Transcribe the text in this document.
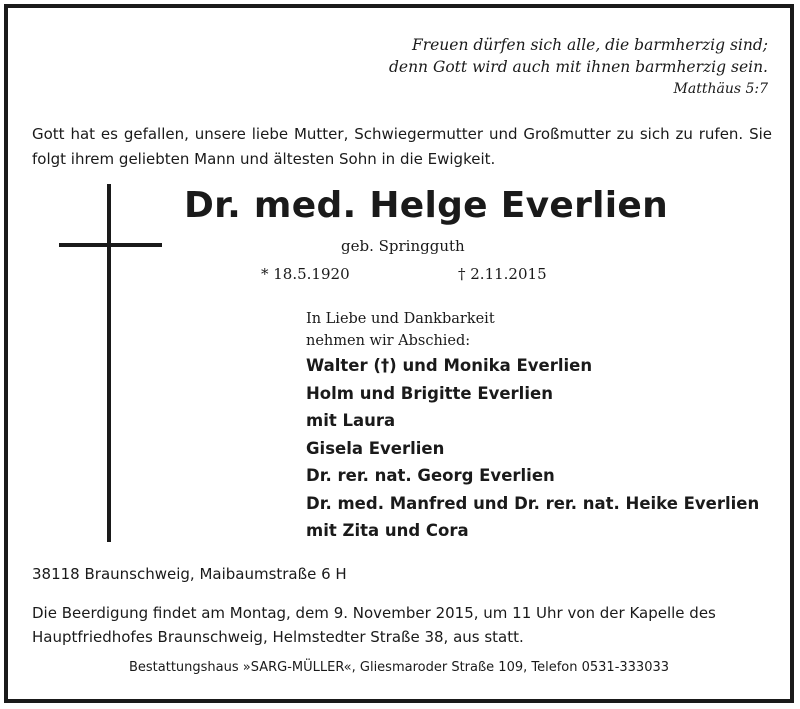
Freuen dürfen sich alle, die barmherzig sind;
denn Gott wird auch mit ihnen barmherzig sein.
Matthäus 5:7
Gott hat es gefallen, unsere liebe Mutter, Schwiegermutter und Großmutter zu sich zu rufen. Sie folgt ihrem geliebten Mann und ältesten Sohn in die Ewigkeit.
Dr. med. Helge Everlien
geb. Springguth
* 18.5.1920	† 2.11.2015
In Liebe und Dankbarkeit
nehmen wir Abschied:
Walter (†) und Monika Everlien
Holm und Brigitte Everlien
mit Laura
Gisela Everlien
Dr. rer. nat. Georg Everlien
Dr. med. Manfred und Dr. rer. nat. Heike Everlien
mit Zita und Cora
38118 Braunschweig, Maibaumstraße 6 H
Die Beerdigung findet am Montag, dem 9. November 2015, um 11 Uhr von der Kapelle des Hauptfriedhofes Braunschweig, Helmstedter Straße 38, aus statt.
Bestattungshaus »SARG-MÜLLER«, Gliesmaroder Straße 109, Telefon 0531-333033
